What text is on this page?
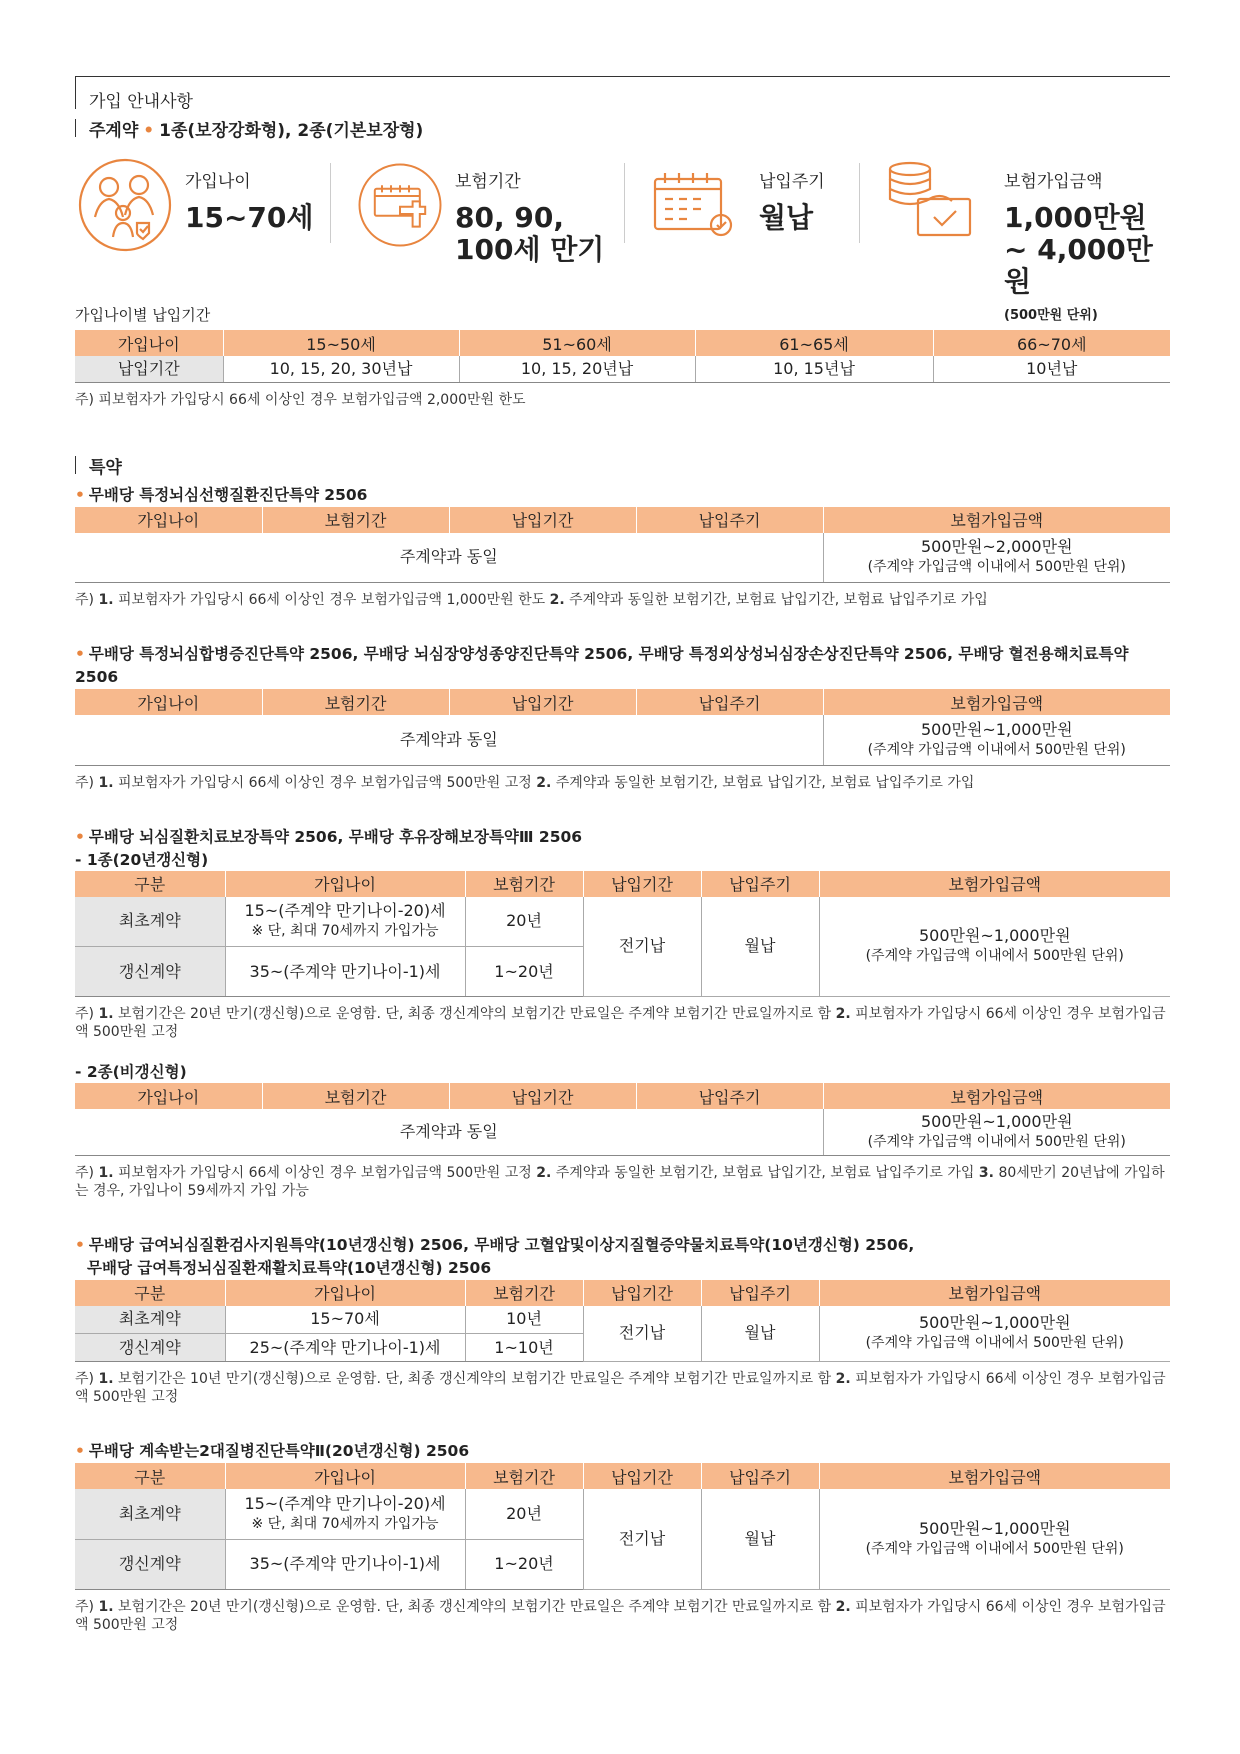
가입 안내사항
주계약 • 1종(보장강화형), 2종(기본보장형)
가입나이
15~70세
보험기간
80, 90, 100세 만기
납입주기
월납
보험가입금액
1,000만원~ 4,000만원
(500만원 단위)
가입나이별 납입기간
가입나이	15~50세	51~60세	61~65세	66~70세
납입기간	10, 15, 20, 30년납	10, 15, 20년납	10, 15년납	10년납
주) 피보험자가 가입당시 66세 이상인 경우 보험가입금액 2,000만원 한도
특약
• 무배당 특정뇌심선행질환진단특약 2506
가입나이	보험기간	납입기간	납입주기	보험가입금액
주계약과 동일				500만원~2,000만원
(주계약 가입금액 이내에서 500만원 단위)
주) 1. 피보험자가 가입당시 66세 이상인 경우 보험가입금액 1,000만원 한도 2. 주계약과 동일한 보험기간, 보험료 납입기간, 보험료 납입주기로 가입
• 무배당 특정뇌심합병증진단특약 2506, 무배당 뇌심장양성종양진단특약 2506, 무배당 특정외상성뇌심장손상진단특약 2506, 무배당 혈전용해치료특약 2506
가입나이	보험기간	납입기간	납입주기	보험가입금액
주계약과 동일				500만원~1,000만원
(주계약 가입금액 이내에서 500만원 단위)
주) 1. 피보험자가 가입당시 66세 이상인 경우 보험가입금액 500만원 고정 2. 주계약과 동일한 보험기간, 보험료 납입기간, 보험료 납입주기로 가입
• 무배당 뇌심질환치료보장특약 2506, 무배당 후유장해보장특약Ⅲ 2506
- 1종(20년갱신형)
구분	가입나이	보험기간	납입기간	납입주기	보험가입금액
최초계약	15~(주계약 만기나이-20)세
※ 단, 최대 70세까지 가입가능	20년	전기납	월납	500만원~1,000만원
(주계약 가입금액 이내에서 500만원 단위)

갱신계약	35~(주계약 만기나이-1)세	1~20년			
주) 1. 보험기간은 20년 만기(갱신형)으로 운영함. 단, 최종 갱신계약의 보험기간 만료일은 주계약 보험기간 만료일까지로 함 2. 피보험자가 가입당시 66세 이상인 경우 보험가입금액 500만원 고정
- 2종(비갱신형)
가입나이	보험기간	납입기간	납입주기	보험가입금액
주계약과 동일				500만원~1,000만원
(주계약 가입금액 이내에서 500만원 단위)
주) 1. 피보험자가 가입당시 66세 이상인 경우 보험가입금액 500만원 고정 2. 주계약과 동일한 보험기간, 보험료 납입기간, 보험료 납입주기로 가입 3. 80세만기 20년납에 가입하는 경우, 가입나이 59세까지 가입 가능
• 무배당 급여뇌심질환검사지원특약(10년갱신형) 2506, 무배당 고혈압및이상지질혈증약물치료특약(10년갱신형) 2506,
무배당 급여특정뇌심질환재활치료특약(10년갱신형) 2506
구분	가입나이	보험기간	납입기간	납입주기	보험가입금액
최초계약	15~70세	10년	전기납	월납	500만원~1,000만원
(주계약 가입금액 이내에서 500만원 단위)

갱신계약	25~(주계약 만기나이-1)세	1~10년			
주) 1. 보험기간은 10년 만기(갱신형)으로 운영함. 단, 최종 갱신계약의 보험기간 만료일은 주계약 보험기간 만료일까지로 함 2. 피보험자가 가입당시 66세 이상인 경우 보험가입금액 500만원 고정
• 무배당 계속받는2대질병진단특약Ⅱ(20년갱신형) 2506
구분	가입나이	보험기간	납입기간	납입주기	보험가입금액
최초계약	15~(주계약 만기나이-20)세
※ 단, 최대 70세까지 가입가능	20년	전기납	월납	500만원~1,000만원
(주계약 가입금액 이내에서 500만원 단위)

갱신계약	35~(주계약 만기나이-1)세	1~20년			
주) 1. 보험기간은 20년 만기(갱신형)으로 운영함. 단, 최종 갱신계약의 보험기간 만료일은 주계약 보험기간 만료일까지로 함 2. 피보험자가 가입당시 66세 이상인 경우 보험가입금액 500만원 고정
